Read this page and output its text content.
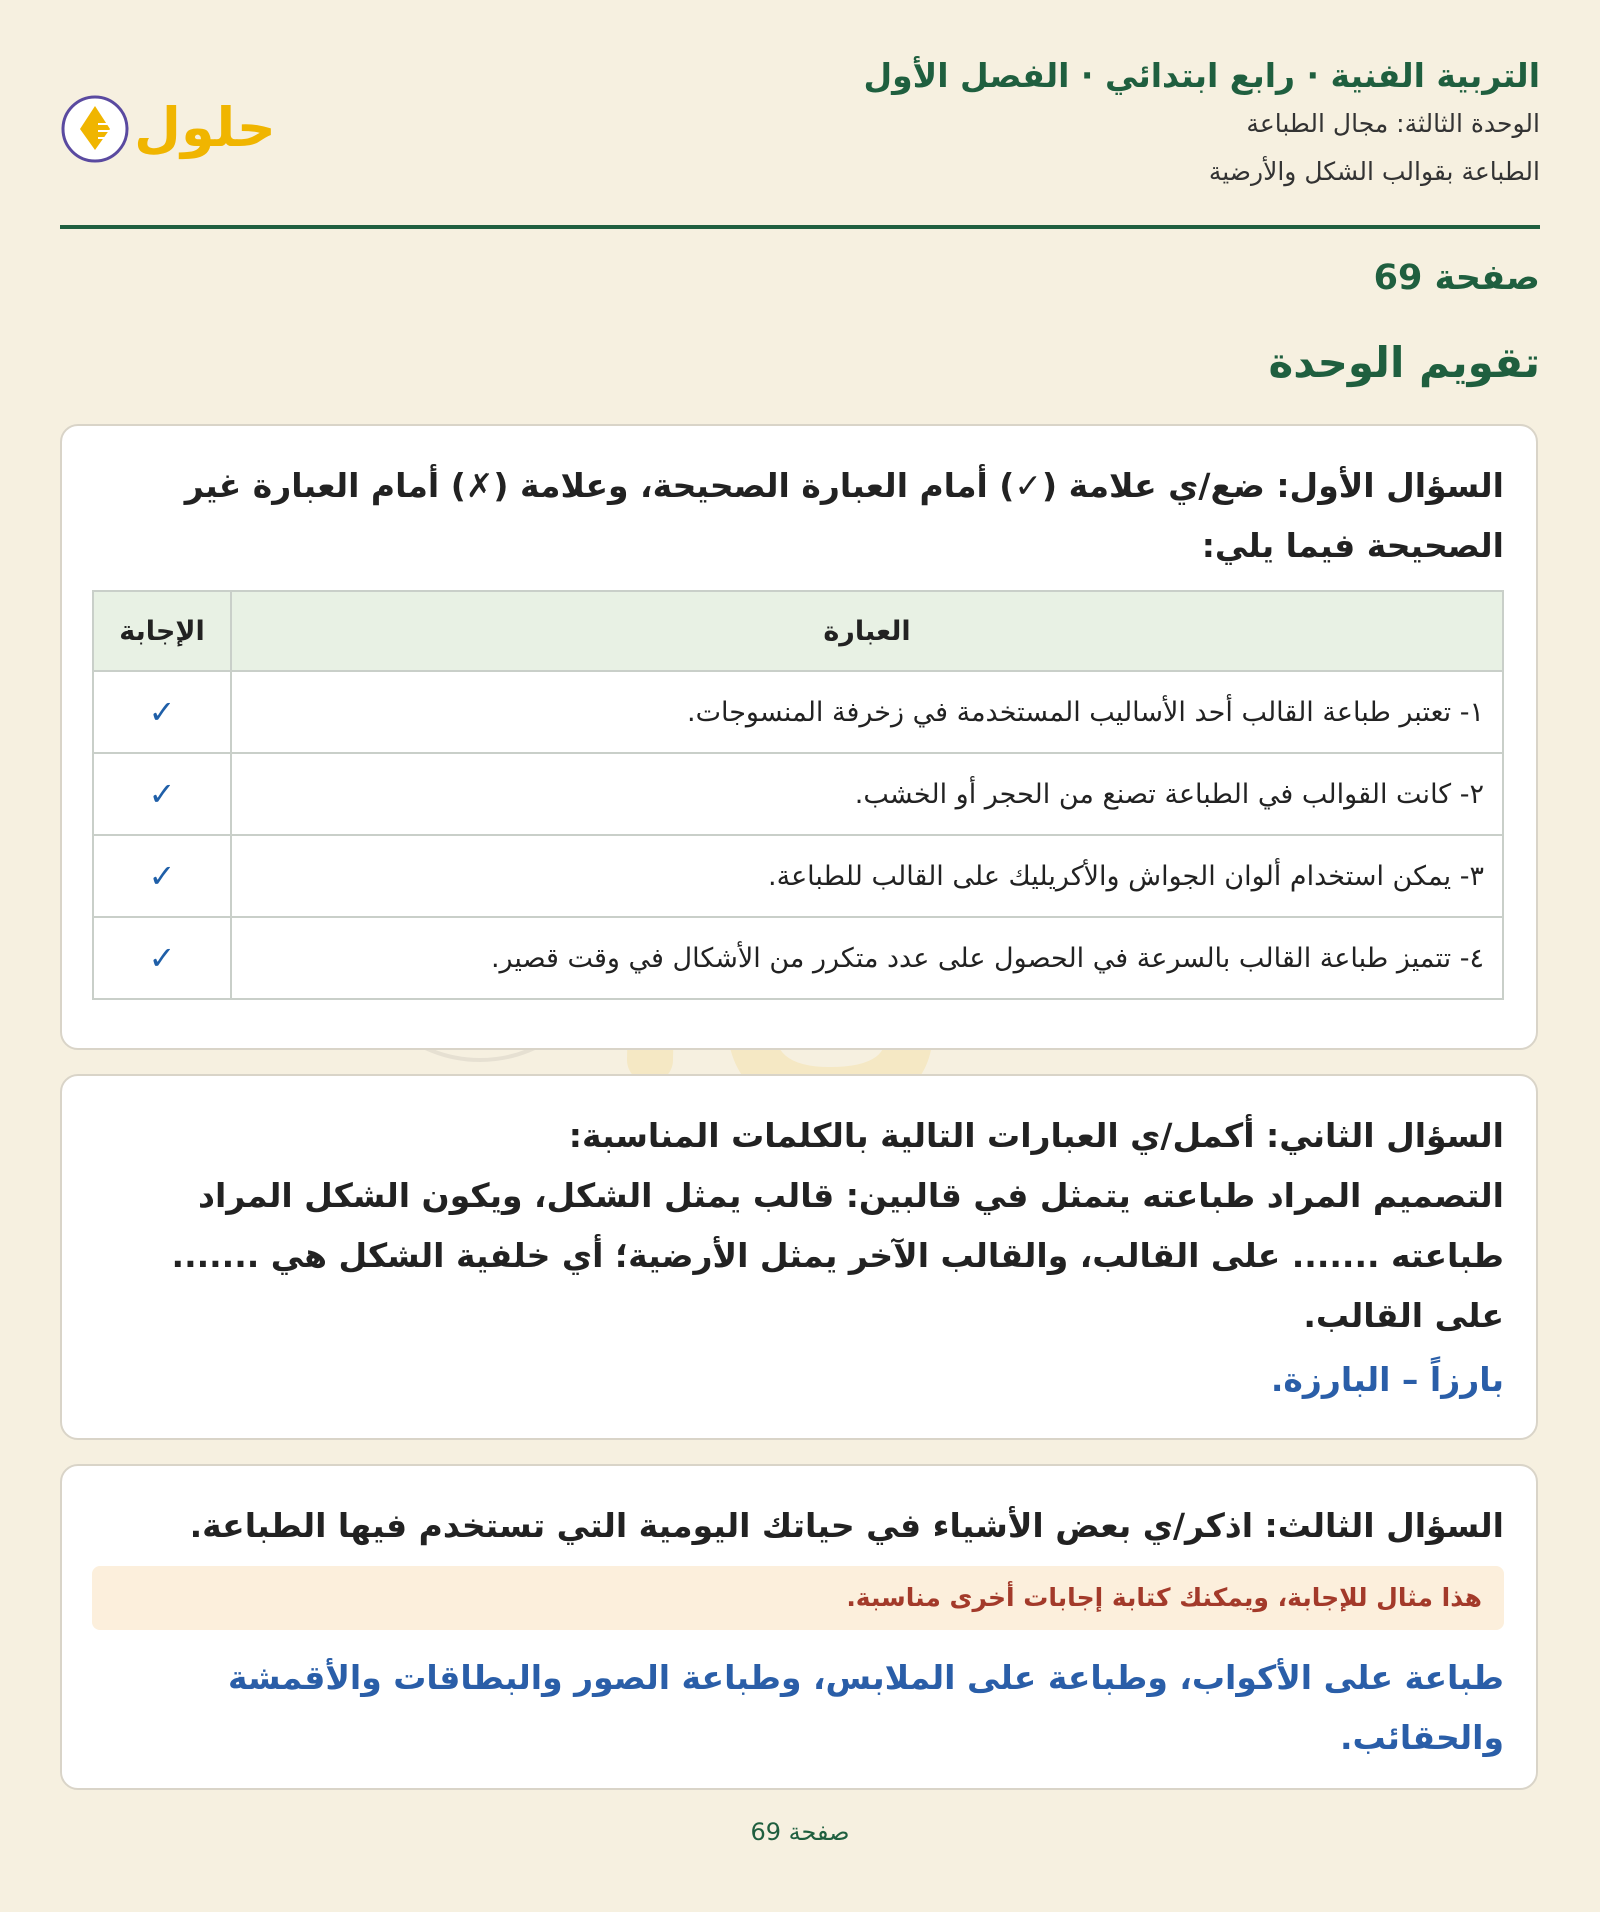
التربية الفنية · رابع ابتدائي · الفصل الأول
الوحدة الثالثة: مجال الطباعة
الطباعة بقوالب الشكل والأرضية
حلول
صفحة 69
تقويم الوحدة
السؤال الأول: ضع/ي علامة (✓) أمام العبارة الصحيحة، وعلامة (✗) أمام العبارة غير الصحيحة فيما يلي:
العبارة	الإجابة
١- تعتبر طباعة القالب أحد الأساليب المستخدمة في زخرفة المنسوجات.	✓
٢- كانت القوالب في الطباعة تصنع من الحجر أو الخشب.	✓
٣- يمكن استخدام ألوان الجواش والأكريليك على القالب للطباعة.	✓
٤- تتميز طباعة القالب بالسرعة في الحصول على عدد متكرر من الأشكال في وقت قصير.	✓
السؤال الثاني: أكمل/ي العبارات التالية بالكلمات المناسبة:
التصميم المراد طباعته يتمثل في قالبين: قالب يمثل الشكل، ويكون الشكل المراد طباعته ....... على القالب، والقالب الآخر يمثل الأرضية؛ أي خلفية الشكل هي ....... على القالب.
بارزاً – البارزة.
السؤال الثالث: اذكر/ي بعض الأشياء في حياتك اليومية التي تستخدم فيها الطباعة.
هذا مثال للإجابة، ويمكنك كتابة إجابات أخرى مناسبة.
طباعة على الأكواب، وطباعة على الملابس، وطباعة الصور والبطاقات والأقمشة والحقائب.
صفحة 69
